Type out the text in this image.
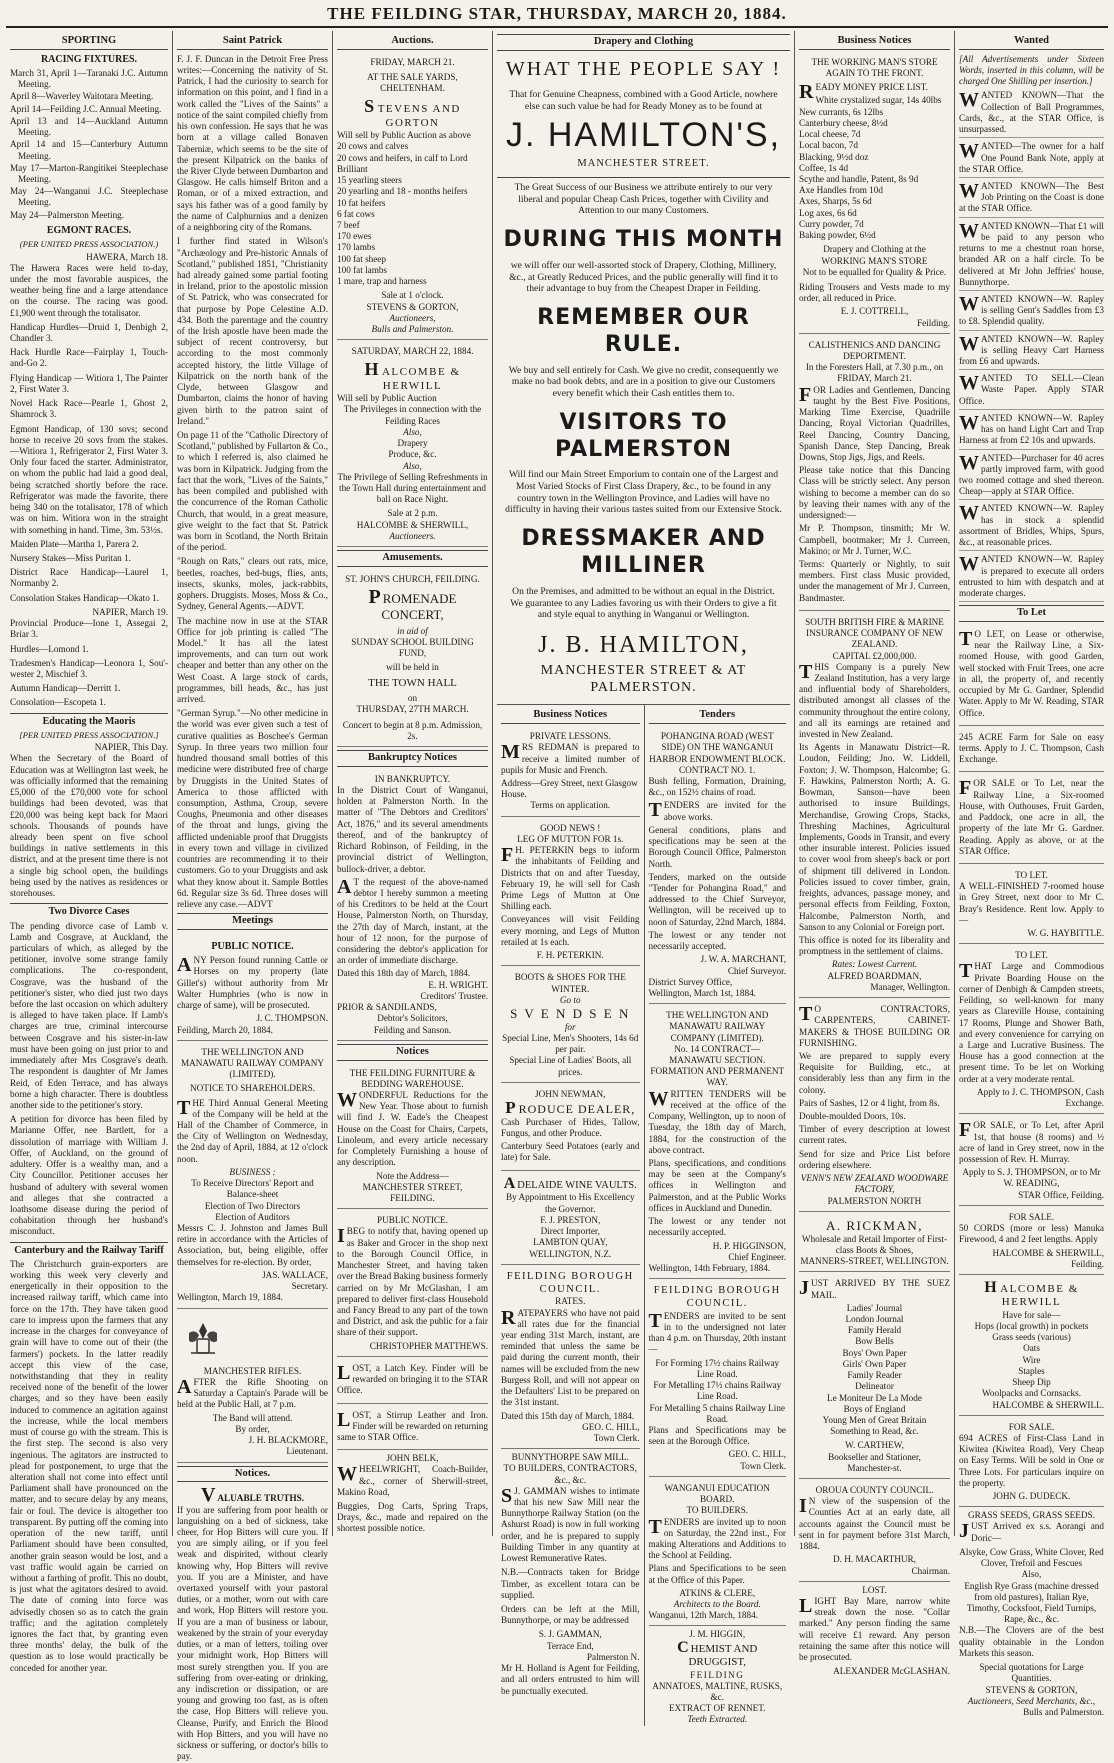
THE FEILDING STAR, THURSDAY, MARCH 20, 1884.
SPORTING
RACING FIXTURES.

March 31, April 1—Taranaki J.C. Autumn Meeting.

April 8—Waverley Waitotara Meeting.

April 14—Feilding J.C. Annual Meeting.

April 13 and 14—Auckland Autumn Meeting.

April 14 and 15—Canterbury Autumn Meeting.

May 17—Marton-Rangitikei Steeplechase Meeting.

May 24—Wanganui J.C. Steeplechase Meeting.

May 24—Palmerston Meeting.

EGMONT RACES.
(PER UNITED PRESS ASSOCIATION.)
HAWERA, March 18.

The Hawera Races were held to-day, under the most favorable auspices, the weather being fine and a large attendance on the course. The racing was good. £1,900 went through the totalisator.

Handicap Hurdles—Druid 1, Denbigh 2, Chandler 3.

Hack Hurdle Race—Fairplay 1, Touch-and-Go 2.

Flying Handicap — Witiora 1, The Painter 2, First Water 3.

Novel Hack Race—Pearle 1, Ghost 2, Shamrock 3.

Egmont Handicap, of 130 sovs; second horse to receive 20 sovs from the stakes. —Witiora 1, Refrigerator 2, First Water 3. Only four faced the starter. Administrator, on whom the public had laid a good deal, being scratched shortly before the race. Refrigerator was made the favorite, there being 340 on the totalisator, 178 of which was on him. Witiora won in the straight with something in hand. Time, 3m. 53½s.

Maiden Plate—Martha 1, Parera 2.

Nursery Stakes—Miss Puritan 1.

District Race Handicap—Laurel 1, Normanby 2.

Consolation Stakes Handicap—Okato 1.

NAPIER, March 19.

Provincial Produce—Ione 1, Assegai 2, Briar 3.

Hurdles—Lomond 1.

Tradesmen's Handicap—Leonora 1, Sou'-wester 2, Mischief 3.

Autumn Handicap—Derritt 1.

Consolation—Escopeta 1.

Educating the Maoris
[PER UNITED PRESS ASSOCIATION.]
NAPIER, This Day.

When the Secretary of the Board of Education was at Wellington last week, he was officially informed that the remaining £5,000 of the £70,000 vote for school buildings had been devoted, was that £20,000 was being kept back for Maori schools. Thousands of pounds have already been spent on five school buildings in native settlements in this district, and at the present time there is not a single big school open, the buildings being used by the natives as residences or storehouses.

Two Divorce Cases

The pending divorce case of Lamb v. Lamb and Cosgrave, at Auckland, the particulars of which, as alleged by the petitioner, involve some strange family complications. The co-respondent, Cosgrave, was the husband of the petitioner's sister, who died just two days before the last occasion on which adultery is alleged to have taken place. If Lamb's charges are true, criminal intercourse between Cosgrave and his sister-in-law must have been going on just prior to and immediately after Mrs Cosgrave's death. The respondent is daughter of Mr James Reid, of Eden Terrace, and has always borne a high character. There is doubtless another side to the petitioner's story.

A petition for divorce has been filed by Marianne Offer, nee Bartlett, for a dissolution of marriage with William J. Offer, of Auckland, on the ground of adultery. Offer is a wealthy man, and a City Councillor. Petitioner accuses her husband of adultery with several women and alleges that she contracted a loathsome disease during the period of cohabitation through her husband's misconduct.

Canterbury and the Railway Tariff

The Christchurch grain-exporters are working this week very cleverly and energetically in their opposition to the increased railway tariff, which came into force on the 17th. They have taken good care to impress upon the farmers that any increase in the charges for conveyance of grain will have to come out of their (the farmers') pockets. In the latter readily accept this view of the case, notwithstanding that they in reality received none of the benefit of the lower charges, and so they have been easily induced to commence an agitation against the increase, while the local members must of course go with the stream. This is the first step. The second is also very ingenious. The agitators are instructed to plead for postponement, to urge that the alteration shall not come into effect until Parliament shall have pronounced on the matter, and to secure delay by any means, fair or foul. The device is altogether too transparent. By putting off the coming into operation of the new tariff, until Parliament should have been consulted, another grain season would be lost, and a vast traffic would again be carried on without a farthing of profit. This no doubt, is just what the agitators desired to avoid. The date of coming into force was advisedly chosen so as to catch the grain traffic; and the agitation completely ignores the fact that, by granting even three months' delay, the bulk of the question as to lose would practically be conceded for another year.

Saint Patrick

F. J. F. Duncan in the Detroit Free Press writes:—Concerning the nativity of St. Patrick, I had the curiosity to search for information on this point, and I find in a work called the "Lives of the Saints" a notice of the saint compiled chiefly from his own confession. He says that he was born at a village called Bonaven Taberniæ, which seems to be the site of the present Kilpatrick on the banks of the River Clyde between Dumbarton and Glasgow. He calls himself Briton and a Roman, or of a mixed extraction, and says his father was of a good family by the name of Calphurnius and a denizen of a neighboring city of the Romans.

I further find stated in Wilson's "Archæology and Pre-historic Annals of Scotland," published 1851, "Christianity had already gained some partial footing in Ireland, prior to the apostolic mission of St. Patrick, who was consecrated for that purpose by Pope Celestine A.D. 434. Both the parentage and the country of the Irish apostle have been made the subject of recent controversy, but according to the most commonly accepted history, the little Village of Kilpatrick on the north bank of the Clyde, between Glasgow and Dumbarton, claims the honor of having given birth to the patron saint of Ireland."

On page 11 of the "Catholic Directory of Scotland," published by Fullarton & Co., to which I referred is, also claimed he was born in Kilpatrick. Judging from the fact that the work, "Lives of the Saints," has been compiled and published with the concurrence of the Roman Catholic Church, that would, in a great measure, give weight to the fact that St. Patrick was born in Scotland, the North Britain of the period.

"Rough on Rats," clears out rats, mice, beetles, roaches, bed-bugs, flies, ants, insects, skunks, moles, jack-rabbits, gophers. Druggists. Moses, Moss & Co., Sydney, General Agents.—ADVT.

The machine now in use at the STAR Office for job printing is called "The Model." It has all the latest improvements, and can turn out work cheaper and better than any other on the West Coast. A large stock of cards, programmes, bill heads, &c., has just arrived.

"German Syrup."—No other medicine in the world was ever given such a test of curative qualities as Boschee's German Syrup. In three years two million four hundred thousand small bottles of this medicine were distributed free of charge by Druggists in the United States of America to those afflicted with consumption, Asthma, Croup, severe Coughs, Pneumonia and other diseases of the throat and lungs, giving the afflicted undeniable proof that Druggists in every town and village in civilized countries are recommending it to their customers. Go to your Druggists and ask what they know about it. Sample Bottles 6d. Regular size 3s 6d. Three doses will relieve any case.—ADVT

Meetings
PUBLIC NOTICE.

ANY Person found running Cattle or Horses on my property (late Gillet's) without authority from Mr Walter Humphries (who is now in charge of same), will be prosecuted.

J. C. THOMPSON.
Feilding, March 20, 1884.
THE WELLINGTON AND MANAWATU RAILWAY COMPANY (LIMITED).
NOTICE TO SHAREHOLDERS.

THE Third Annual General Meeting of the Company will be held at the Hall of the Chamber of Commerce, in the City of Wellington on Wednesday, the 2nd day of April, 1884, at 12 o'clock noon.

BUSINESS :
To Receive Directors' Report and Balance-sheet
Election of Two Directors
Election of Auditors

Messrs C. J. Johnston and James Bull retire in accordance with the Articles of Association, but, being eligible, offer themselves for re-election. By order,

JAS. WALLACE,
Secretary.
Wellington, March 19, 1884.
MANCHESTER RIFLES.

AFTER the Rifle Shooting on Saturday a Captain's Parade will be held at the Public Hall, at 7 p.m.

The Band will attend.
By order,
J. H. BLACKMORE,
Lieutenant.
Notices.
VALUABLE TRUTHS.

If you are suffering from poor health or languishing on a bed of sickness, take cheer, for Hop Bitters will cure you. If you are simply ailing, or if you feel weak and dispirited, without clearly knowing why, Hop Bitters will revive you. If you are a Minister, and have overtaxed yourself with your pastoral duties, or a mother, worn out with care and work, Hop Bitters will restore you. If you are a man of business or labour, weakened by the strain of your everyday duties, or a man of letters, toiling over your midnight work, Hop Bitters will most surely strengthen you. If you are suffering from over-eating or drinking, any indiscretion or dissipation, or are young and growing too fast, as is often the case, Hop Bitters will relieve you. Cleanse, Purify, and Enrich the Blood with Hop Bitters, and you will have no sickness or suffering, or doctor's bills to pay.

Auctions.
FRIDAY, MARCH 21.
AT THE SALE YARDS, CHELTENHAM.
STEVENS AND GORTON
Will sell by Public Auction as above
20 cows and calves
20 cows and heifers, in calf to Lord Brilliant
15 yearling steers
20 yearling and 18 - months heifers
10 fat heifers
6 fat cows
7 beef
170 ewes
170 lambs
100 fat sheep
100 fat lambs
1 mare, trap and harness
Sale at 1 o'clock.
STEVENS & GORTON,
Auctioneers,
Bulls and Palmerston.
SATURDAY, MARCH 22, 1884.
HALCOMBE & HERWILL
Will sell by Public Auction
The Privileges in connection with the Feilding Races
Also,
Drapery
Produce, &c.
Also,
The Privilege of Selling Refreshments in the Town Hall during entertainment and ball on Race Night.
Sale at 2 p.m.
HALCOMBE & SHERWILL,
Auctioneers.
Amusements.
ST. JOHN'S CHURCH, FEILDING.
PROMENADE CONCERT,
in aid of
SUNDAY SCHOOL BUILDING FUND,
will be held in
THE TOWN HALL
on
THURSDAY, 27TH MARCH.
Concert to begin at 8 p.m. Admission, 2s.
Bankruptcy Notices
IN BANKRUPTCY.

In the District Court of Wanganui, holden at Palmerston North. In the matter of "The Debtors and Creditors' Act, 1876," and its several amendments thereof, and of the bankruptcy of Richard Robinson, of Feilding, in the provincial district of Wellington, bullock-driver, a debtor.

A T the request of the above-named debtor I hereby summon a meeting of his Creditors to be held at the Court House, Palmerston North, on Thursday, the 27th day of March, instant, at the hour of 12 noon, for the purpose of considering the debtor's application for an order of immediate discharge.

Dated this 18th day of March, 1884.
E. H. WRIGHT.
Creditors' Trustee.
PRIOR & SANDILANDS,
Debtor's Solicitors,
Feilding and Sanson.
Notices
THE FEILDING FURNITURE & BEDDING WAREHOUSE.

WONDERFUL Reductions for the New Year. Those about to furnish will find J. W. Eade's the Cheapest House on the Coast for Chairs, Carpets, Linoleum, and every article necessary for Completely Furnishing a house of any description.

Note the Address—
MANCHESTER STREET,
FEILDING.
PUBLIC NOTICE.

IBEG to notify that, having opened up as Baker and Grocer in the shop next to the Borough Council Office, in Manchester Street, and having taken over the Bread Baking business formerly carried on by Mr McGlashan, I am prepared to deliver first-class Household and Fancy Bread to any part of the town and District, and ask the public for a fair share of their support.

CHRISTOPHER MATTHEWS.

LOST, a Latch Key. Finder will be rewarded on bringing it to the STAR Office.

LOST, a Stirrup Leather and Iron. Finder will be rewarded on returning same to STAR Office.

JOHN BELK,

WHEELWRIGHT, Coach-Builder, &c., corner of Sherwill-street, Makino Road,

Buggies, Dog Carts, Spring Traps, Drays, &c., made and repaired on the shortest possible notice.

Drapery and Clothing
WHAT THE PEOPLE SAY !
That for Genuine Cheapness, combined with a Good Article, nowhere else can such value be had for Ready Money as to be found at
J. HAMILTON'S,
MANCHESTER STREET.
The Great Success of our Business we attribute entirely to our very liberal and popular Cheap Cash Prices, together with Civility and Attention to our many Customers.
DURING THIS MONTH
we will offer our well-assorted stock of Drapery, Clothing, Millinery, &c., at Greatly Reduced Prices, and the public generally will find it to their advantage to buy from the Cheapest Draper in Feilding.
REMEMBER OUR RULE.
We buy and sell entirely for Cash. We give no credit, consequently we make no bad book debts, and are in a position to give our Customers every benefit which their Cash entitles them to.
VISITORS TO PALMERSTON
Will find our Main Street Emporium to contain one of the Largest and Most Varied Stocks of First Class Drapery, &c., to be found in any country town in the Wellington Province, and Ladies will have no difficulty in having their various tastes suited from our Extensive Stock.
DRESSMAKER AND MILLINER
On the Premises, and admitted to be without an equal in the District. We guarantee to any Ladies favoring us with their Orders to give a fit and style equal to anything in Wanganui or Wellington.
J. B. HAMILTON,
MANCHESTER STREET & AT PALMERSTON.
Business Notices
PRIVATE LESSONS.

MRS REDMAN is prepared to receive a limited number of pupils for Music and French.

Address—Grey Street, next Glasgow House.
Terms on application.
GOOD NEWS !
LEG OF MUTTON FOR 1s.

F H. PETERKIN begs to inform the inhabitants of Feilding and Districts that on and after Tuesday, February 19, he will sell for Cash Prime Legs of Mutton at One Shilling each.

Conveyances will visit Feilding every morning, and Legs of Mutton retailed at 1s each.

F. H. PETERKIN.
BOOTS & SHOES FOR THE WINTER.
Go to
S V E N D S E N
for
Special Line, Men's Shooters, 14s 6d per pair.
Special Line of Ladies' Boots, all prices.
JOHN NEWMAN,
P RODUCE DEALER,

Cash Purchaser of Hides, Tallow, Fungus, and other Produce.

Canterbury Seed Potatoes (early and late) for Sale.

ADELAIDE WINE VAULTS.
By Appointment to His Excellency the Governor.
F. J. PRESTON,
Direct Importer,
LAMBTON QUAY, WELLINGTON, N.Z.
FEILDING BOROUGH COUNCIL.
RATES.

RATEPAYERS who have not paid all rates due for the financial year ending 31st March, instant, are reminded that unless the same be paid during the current month, their names will be excluded from the new Burgess Roll, and will not appear on the Defaulters' List to be prepared on the 31st instant.

Dated this 15th day of March, 1884.
GEO. C. HILL,
Town Clerk.
BUNNYTHORPE SAW MILL.
TO BUILDERS, CONTRACTORS, &c., &c.

S J. GAMMAN wishes to intimate that his new Saw Mill near the Bunnythorpe Railway Station (on the Ashurst Road) is now in full working order, and he is prepared to supply Building Timber in any quantity at Lowest Remunerative Rates.

N.B.—Contracts taken for Bridge Timber, as excellent totara can be supplied.

Orders can be left at the Mill, Bunnythorpe, or may be addressed

S. J. GAMMAN,
Terrace End,
Palmerston N.

Mr H. Holland is Agent for Feilding, and all orders entrusted to him will be punctually executed.

Tenders
POHANGINA ROAD (WEST SIDE) ON THE WANGANUI HARBOR ENDOWMENT BLOCK.
CONTRACT NO. 1.

Bush felling, Formation, Draining, &c., on 152½ chains of road.

TENDERS are invited for the above works.

General conditions, plans and specifications may be seen at the Borough Council Office, Palmerston North.

Tenders, marked on the outside "Tender for Pohangina Road," and addressed to the Chief Surveyor, Wellington, will be received up to noon of Saturday, 22nd March, 1884.

The lowest or any tender not necessarily accepted.

J. W. A. MARCHANT,
Chief Surveyor.
District Survey Office,
Wellington, March 1st, 1884.
THE WELLINGTON AND MANAWATU RAILWAY COMPANY (LIMITED).
No. 14 CONTRACT—MANAWATU SECTION.
FORMATION AND PERMANENT WAY.

WRITTEN TENDERS will be received at the office of the Company, Wellington, up to noon of Tuesday, the 18th day of March, 1884, for the construction of the above contract.

Plans, specifications, and conditions may be seen at the Company's offices in Wellington and Palmerston, and at the Public Works offices in Auckland and Dunedin.

The lowest or any tender not necessarily accepted.

H. P. HIGGINSON,
Chief Engineer.
Wellington, 14th February, 1884.
FEILDING BOROUGH COUNCIL.

TENDERS are invited to be sent in to the undersigned not later than 4 p.m. on Thursday, 20th instant—

For Forming 17½ chains Railway Line Road.
For Metalling 17½ chains Railway Line Road.
For Metalling 5 chains Railway Line Road.

Plans and Specifications may be seen at the Borough Office.

GEO. C. HILL,
Town Clerk.
WANGANUI EDUCATION BOARD.
TO BUILDERS.

TENDERS are invited up to noon on Saturday, the 22nd inst., For making Alterations and Additions to the School at Feilding.

Plans and Specifications to be seen at the Office of this Paper.

ATKINS & CLERE,
Architects to the Board.
Wanganui, 12th March, 1884.
J. M. HIGGIN,
C HEMIST AND DRUGGIST,
FEILDING
ANNATOES, MALTINE, RUSKS, &c.
EXTRACT OF RENNET.
Teeth Extracted.
Business Notices
THE WORKING MAN'S STORE AGAIN TO THE FRONT.

READY MONEY PRICE LIST.

White crystalized sugar, 14s 40lbs
New currants, 6s 12lbs
Canterbury cheese, 8½d
Local cheese, 7d
Local bacon, 7d
Blacking, 9½d doz
Coffee, 1s 4d
Scythe and handle, Patent, 8s 9d
Axe Handles from 10d
Axes, Sharps, 5s 6d
Log axes, 6s 6d
Curry powder, 7d
Baking powder, 6½d
Drapery and Clothing at the
WORKING MAN'S STORE
Not to be equalled for Quality & Price.

Riding Trousers and Vests made to my order, all reduced in Price.

E. J. COTTRELL,
Feilding.
CALISTHENICS AND DANCING DEPORTMENT.
In the Foresters Hall, at 7.30 p.m., on
FRIDAY, March 21.

FOR Ladies and Gentlemen, Dancing taught by the Best Five Positions, Marking Time Exercise, Quadrille Dancing, Royal Victorian Quadrilles, Reel Dancing, Country Dancing, Spanish Dance, Step Dancing, Break Downs, Stop Jigs, Jigs, and Reels.

Please take notice that this Dancing Class will be strictly select. Any person wishing to become a member can do so by leaving their names with any of the undersigned:—

Mr P. Thompson, tinsmith; Mr W. Campbell, bootmaker; Mr J. Curreen, Makino; or Mr J. Turner, W.C.

Terms: Quarterly or Nightly, to suit members. First class Music provided, under the management of Mr J. Curreen, Bandmaster.

SOUTH BRITISH FIRE & MARINE INSURANCE COMPANY OF NEW ZEALAND.
CAPITAL £2,000,000.

THIS Company is a purely New Zealand Institution, has a very large and influential body of Shareholders, distributed amongst all classes of the community throughout the entire colony, and all its earnings are retained and invested in New Zealand.

Its Agents in Manawatu District—R. Loudon, Feilding; Jno. W. Liddell, Foxton; J. W. Thompson, Halcombe; G. F. Hawkins, Palmerston North; A. G. Bowman, Sanson—have been authorised to insure Buildings, Merchandise, Growing Crops, Stacks, Threshing Machines, Agricultural Implements, Goods in Transit, and every other insurable interest. Policies issued to cover wool from sheep's back or port of shipment till delivered in London. Policies issued to cover timber, grain, freights, advances, passage money, and personal effects from Feilding, Foxton, Halcombe, Palmerston North, and Sanson to any Colonial or Foreign port.

This office is noted for its liberality and promptness in the settlement of claims.

Rates: Lowest Current.
ALFRED BOARDMAN,
Manager, Wellington.

T O CONTRACTORS, CARPENTERS, CABINET-MAKERS & THOSE BUILDING OR FURNISHING.

We are prepared to supply every Requisite for Building, etc., at considerably less than any firm in the colony.

Pairs of Sashes, 12 or 4 light, from 8s.

Double-moulded Doors, 10s.

Timber of every description at lowest current rates.

Send for size and Price List before ordering elsewhere.

VENN'S NEW ZEALAND WOODWARE FACTORY,
PALMERSTON NORTH
A. RICKMAN,
Wholesale and Retail Importer of First-class Boots & Shoes,
MANNERS-STREET, WELLINGTON.

JUST ARRIVED BY THE SUEZ MAIL.

Ladies' Journal
London Journal
Family Herald
Bow Bells
Boys' Own Paper
Girls' Own Paper
Family Reader
Delineator
Le Moniteur De La Mode
Boys of England
Young Men of Great Britain
Something to Read, &c.
W. CARTHEW,
Bookseller and Stationer,
Manchester-st.
OROUA COUNTY COUNCIL.

I N view of the suspension of the Counties Act at an early date, all accounts against the Council must be sent in for payment before 31st March, 1884.

D. H. MACARTHUR,
Chairman.
LOST.

LIGHT Bay Mare, narrow white streak down the nose. "Collar marked." Any person finding the same will receive £1 reward. Any person retaining the same after this notice will be prosecuted.

ALEXANDER McGLASHAN.
Wanted

[All Advertisements under Sixteen Words, inserted in this column, will be charged One Shilling per insertion.]

WANTED KNOWN—That the Collection of Ball Programmes, Cards, &c., at the STAR Office, is unsurpassed.

WANTED—The owner for a half One Pound Bank Note, apply at the STAR Office.

WANTED KNOWN—The Best Job Printing on the Coast is done at the STAR Office.

WANTED KNOWN—That £1 will be paid to any person who returns to me a chestnut roan horse, branded AR on a half circle. To be delivered at Mr John Jeffries' house, Bunnythorpe.

WANTED KNOWN—W. Rapley is selling Gent's Saddles from £3 to £8. Splendid quality.

WANTED KNOWN—W. Rapley is selling Heavy Cart Harness from £6 and upwards.

WANTED TO SELL—Clean Waste Paper. Apply STAR Office.

WANTED KNOWN—W. Rapley has on hand Light Cart and Trap Harness at from £2 10s and upwards.

WANTED—Purchaser for 40 acres partly improved farm, with good two roomed cottage and shed thereon. Cheap—apply at STAR Office.

WANTED KNOWN—W. Rapley has in stock a splendid assortment of Bridles, Whips, Spurs, &c., at reasonable prices.

WANTED KNOWN—W. Rapley is prepared to execute all orders entrusted to him with despatch and at moderate charges.

To Let

T O LET, on Lease or otherwise, near the Railway Line, a Six-roomed House, with good Garden, well stocked with Fruit Trees, one acre in all, the property of, and recently occupied by Mr G. Gardner, Splendid Water. Apply to Mr W. Reading, STAR Office.

245 ACRE Farm for Sale on easy terms. Apply to J. C. Thompson, Cash Exchange.

FOR SALE or To Let, near the Railway Line, a Six-roomed House, with Outhouses, Fruit Garden, and Paddock, one acre in all, the property of the late Mr G. Gardner. Reading. Apply as above, or at the STAR Office.

TO LET.

A WELL-FINISHED 7-roomed house in Grey Street, next door to Mr C. Bray's Residence. Rent low. Apply to—

W. G. HAYBITTLE.
TO LET.

THAT Large and Commodious Private Boarding House on the corner of Denbigh & Campden streets, Feilding, so well-known for many years as Clareville House, containing 17 Rooms, Plunge and Shower Bath, and every convenience for carrying on a Large and Lucrative Business. The House has a good connection at the present time. To be let on Working order at a very moderate rental.

Apply to J. C. THOMPSON, Cash Exchange.

FOR SALE, or To Let, after April 1st, that house (8 rooms) and ½ acre of land in Grey street, now in the possession of Rev. H. Murray.

Apply to S. J. THOMPSON, or to Mr W. READING,
STAR Office, Feilding.
FOR SALE.

50 CORDS (more or less) Manuka Firewood, 4 and 2 feet lengths. Apply

HALCOMBE & SHERWILL, Feilding.
H ALCOMBE & HERWILL
Have for sale—
Hops (local growth) in pockets
Grass seeds (various)
Oats
Wire
Staples
Sheep Dip
Woolpacks and Cornsacks.
HALCOMBE & SHERWILL.
FOR SALE.

694 ACRES of First-Class Land in Kiwitea (Kiwitea Road), Very Cheap on Easy Terms. Will be sold in One or Three Lots. For particulars inquire on the property.

JOHN G. DUDECK.
GRASS SEEDS, GRASS SEEDS.

JUST Arrived ex s.s. Aorangi and Doric—

Alsyke, Cow Grass, White Clover, Red Clover, Trefoil and Fescues
Also,
English Rye Grass (machine dressed from old pastures), Italian Rye, Timothy, Cocksfoot, Field Turnips, Rape, &c., &c.

N.B.—The Clovers are of the best quality obtainable in the London Markets this season.

Special quotations for Large Quantities.
STEVENS & GORTON,
Auctioneers, Seed Merchants, &c.,
Bulls and Palmerston.
